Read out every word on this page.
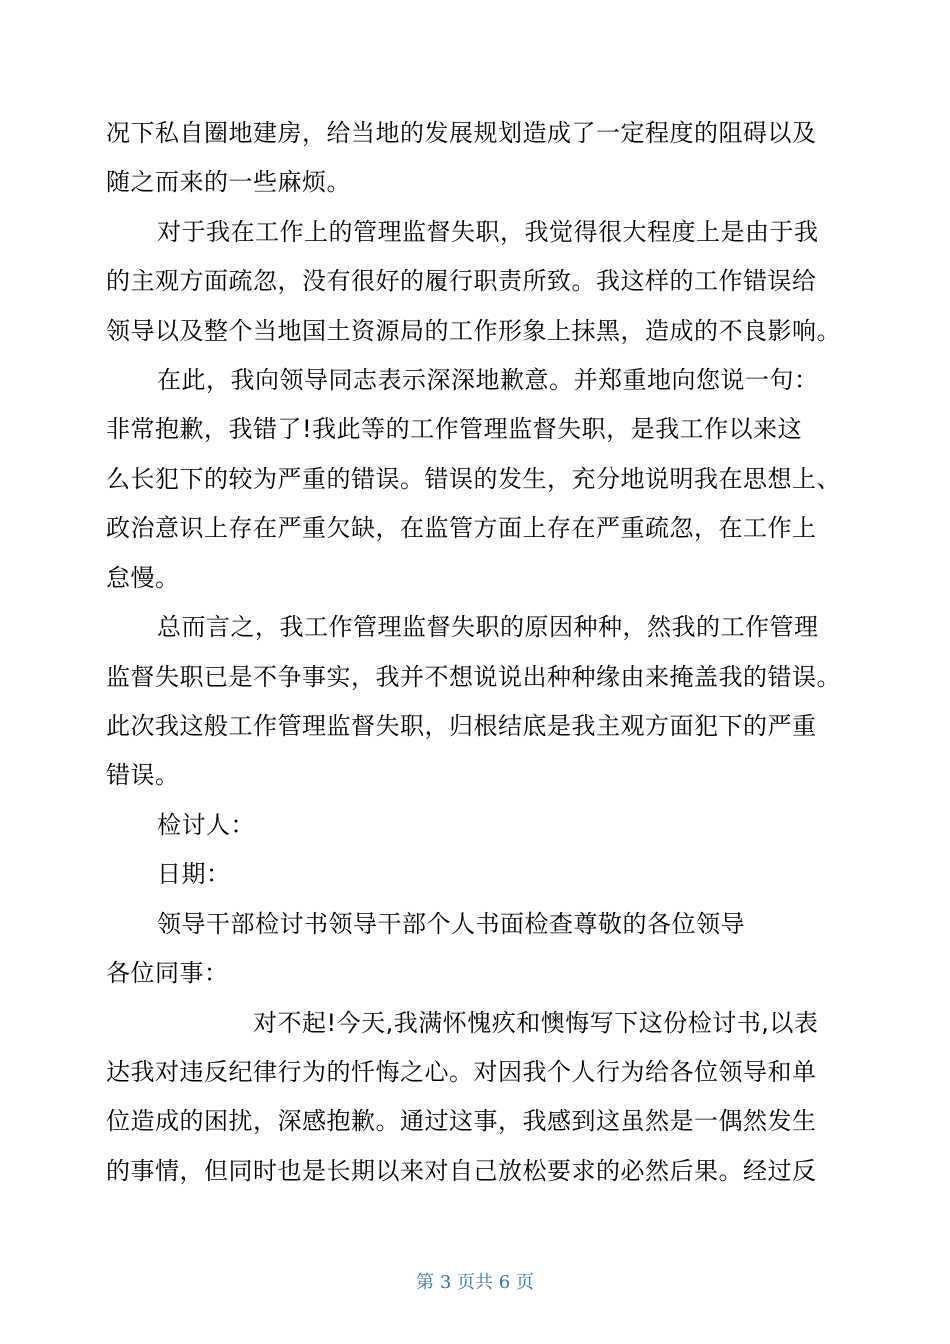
况下私自圈地建房，给当地的发展规划造成了一定程度的阻碍以及
随之而来的一些麻烦。
对于我在工作上的管理监督失职，我觉得很大程度上是由于我
的主观方面疏忽，没有很好的履行职责所致。我这样的工作错误给
领导以及整个当地国土资源局的工作形象上抹黑，造成的不良影响。
在此，我向领导同志表示深深地歉意。并郑重地向您说一句：
非常抱歉，我错了!我此等的工作管理监督失职，是我工作以来这
么长犯下的较为严重的错误。错误的发生，充分地说明我在思想上、
政治意识上存在严重欠缺，在监管方面上存在严重疏忽，在工作上
怠慢。
总而言之，我工作管理监督失职的原因种种，然我的工作管理
监督失职已是不争事实，我并不想说说出种种缘由来掩盖我的错误。
此次我这般工作管理监督失职，归根结底是我主观方面犯下的严重
错误。
检讨人：
日期：
领导干部检讨书领导干部个人书面检查尊敬的各位领导
各位同事：
对不起!今天,我满怀愧疚和懊悔写下这份检讨书,以表
达我对违反纪律行为的忏悔之心。对因我个人行为给各位领导和单
位造成的困扰，深感抱歉。通过这事，我感到这虽然是一偶然发生
的事情，但同时也是长期以来对自己放松要求的必然后果。经过反
第 3 页共 6 页
